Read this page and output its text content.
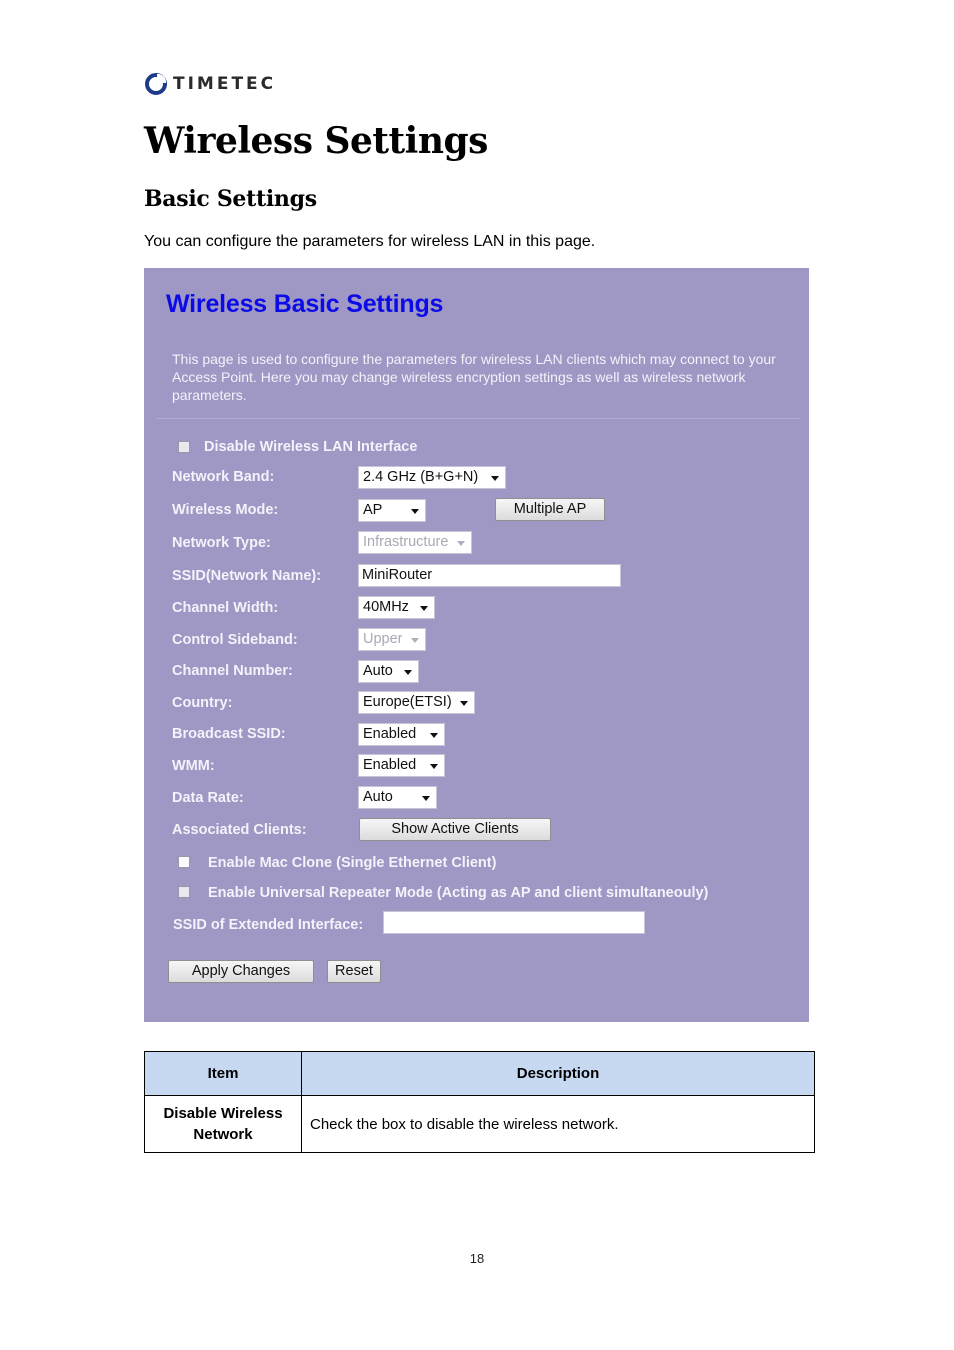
TIMETEC
Wireless Settings
Basic Settings
You can configure the parameters for wireless LAN in this page.
Wireless Basic Settings
This page is used to configure the parameters for wireless LAN clients which may connect to your Access Point. Here you may change wireless encryption settings as well as wireless network parameters.
Disable Wireless LAN Interface
Network Band:	2.4 GHz (B+G+N)
Wireless Mode:	AP	Multiple AP
Network Type:	Infrastructure
SSID(Network Name):	MiniRouter
Channel Width:	40MHz
Control Sideband:	Upper
Channel Number:	Auto
Country:	Europe(ETSI)
Broadcast SSID:	Enabled
WMM:	Enabled
Data Rate:	Auto
Associated Clients:	Show Active Clients
Enable Mac Clone (Single Ethernet Client)
Enable Universal Repeater Mode (Acting as AP and client simultaneouly)
SSID of Extended Interface:
Apply Changes	Reset
Item	Description
Disable Wireless Network	Check the box to disable the wireless network.
18
